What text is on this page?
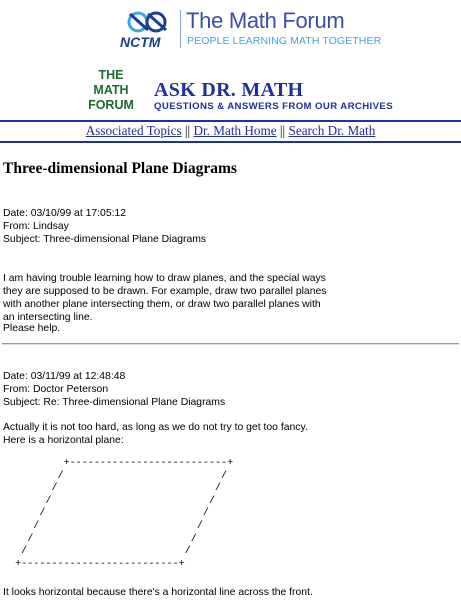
NCTM
The Math Forum
PEOPLE LEARNING MATH TOGETHER
THE
MATH
FORUM
ASK DR. MATH
QUESTIONS & ANSWERS FROM OUR ARCHIVES
Associated Topics || Dr. Math Home || Search Dr. Math
Three-dimensional Plane Diagrams
Date: 03/10/99 at 17:05:12
From: Lindsay
Subject: Three-dimensional Plane Diagrams
I am having trouble learning how to draw planes, and the special ways
they are supposed to be drawn. For example, draw two parallel planes
with another plane intersecting them, or draw two parallel planes with
an intersecting line.
Please help.
Date: 03/11/99 at 12:48:48
From: Doctor Peterson
Subject: Re: Three-dimensional Plane Diagrams
Actually it is not too hard, as long as we do not try to get too fancy.
Here is a horizontal plane:
+--------------------------+
/                          /
/                          /
/                          /
/                          /
/                          /
/                          /
/                          /
+--------------------------+
It looks horizontal because there's a horizontal line across the front.
